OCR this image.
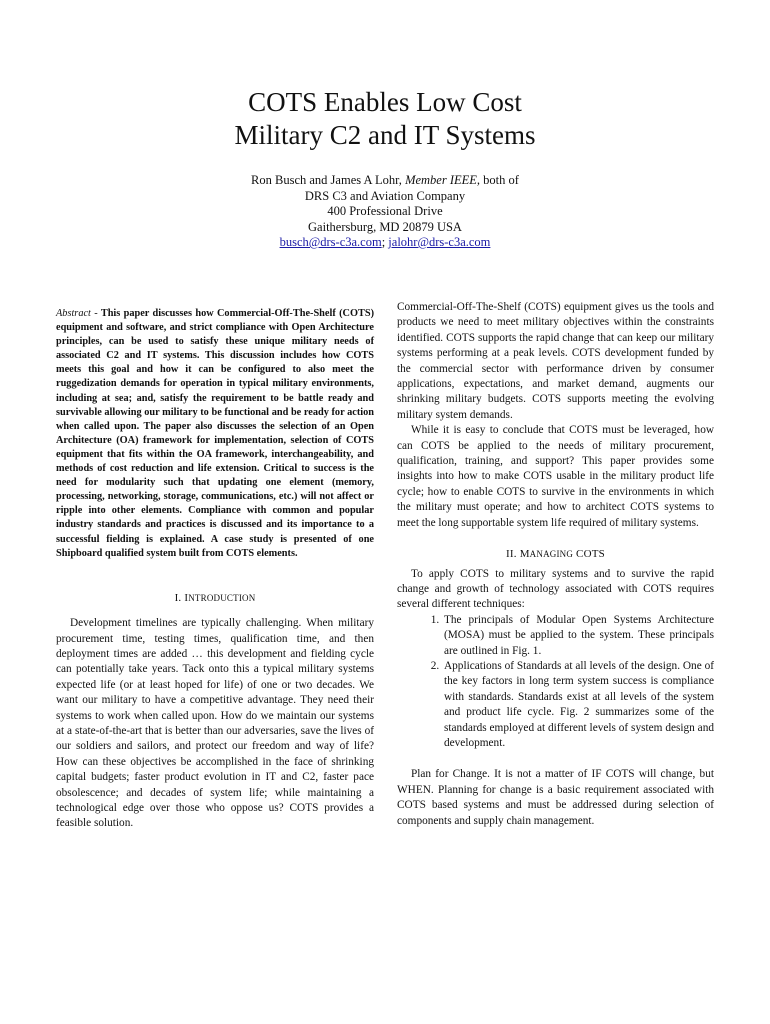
COTS Enables Low Cost
Military C2 and IT Systems
Ron Busch and James A Lohr, Member IEEE, both of
DRS C3 and Aviation Company
400 Professional Drive
Gaithersburg, MD 20879 USA
busch@drs-c3a.com; jalohr@drs-c3a.com

Abstract - This paper discusses how Commercial-Off-The-Shelf (COTS) equipment and software, and strict compliance with Open Architecture principles, can be used to satisfy these unique military needs of associated C2 and IT systems. This discussion includes how COTS meets this goal and how it can be configured to also meet the ruggedization demands for operation in typical military environments, including at sea; and, satisfy the requirement to be battle ready and survivable allowing our military to be functional and be ready for action when called upon. The paper also discusses the selection of an Open Architecture (OA) framework for implementation, selection of COTS equipment that fits within the OA framework, interchangeability, and methods of cost reduction and life extension. Critical to success is the need for modularity such that updating one element (memory, processing, networking, storage, communications, etc.) will not affect or ripple into other elements. Compliance with common and popular industry standards and practices is discussed and its importance to a successful fielding is explained. A case study is presented of one Shipboard qualified system built from COTS elements.

I. INTRODUCTION

Development timelines are typically challenging. When military procurement time, testing times, qualification time, and then deployment times are added … this development and fielding cycle can potentially take years. Tack onto this a typical military systems expected life (or at least hoped for life) of one or two decades. We want our military to have a competitive advantage. They need their systems to work when called upon. How do we maintain our systems at a state-of-the-art that is better than our adversaries, save the lives of our soldiers and sailors, and protect our freedom and way of life? How can these objectives be accomplished in the face of shrinking capital budgets; faster product evolution in IT and C2, faster pace obsolescence; and decades of system life; while maintaining a technological edge over those who oppose us? COTS provides a feasible solution.

Commercial-Off-The-Shelf (COTS) equipment gives us the tools and products we need to meet military objectives within the constraints identified. COTS supports the rapid change that can keep our military systems performing at a peak levels. COTS development funded by the commercial sector with performance driven by consumer applications, expectations, and market demand, augments our shrinking military budgets. COTS supports meeting the evolving military system demands.

While it is easy to conclude that COTS must be leveraged, how can COTS be applied to the needs of military procurement, qualification, training, and support? This paper provides some insights into how to make COTS usable in the military product life cycle; how to enable COTS to survive in the environments in which the military must operate; and how to architect COTS systems to meet the long supportable system life required of military systems.

II. MANAGING COTS

To apply COTS to military systems and to survive the rapid change and growth of technology associated with COTS requires several different techniques:

1. The principals of Modular Open Systems Architecture (MOSA) must be applied to the system. These principals are outlined in Fig. 1.
2. Applications of Standards at all levels of the design. One of the key factors in long term system success is compliance with standards. Standards exist at all levels of the system and product life cycle. Fig. 2 summarizes some of the standards employed at different levels of system design and development.

Plan for Change. It is not a matter of IF COTS will change, but WHEN. Planning for change is a basic requirement associated with COTS based systems and must be addressed during selection of components and supply chain management.
